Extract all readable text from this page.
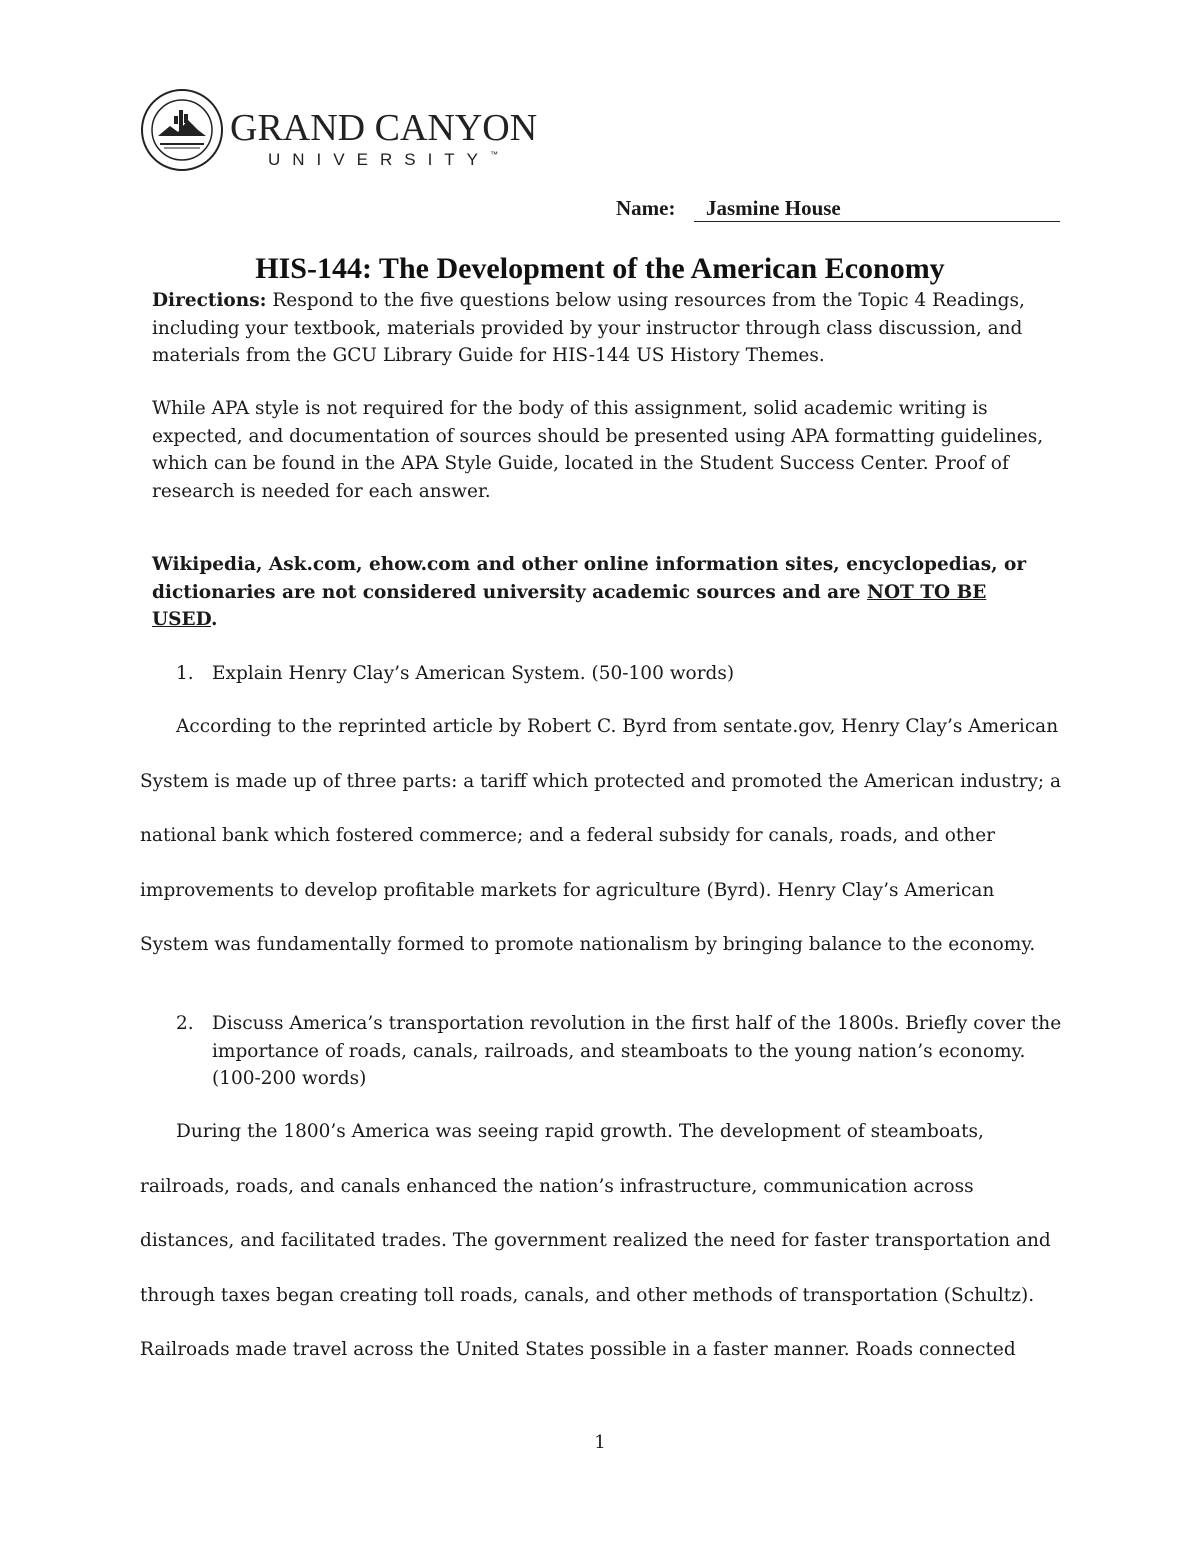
GRAND CANYON
UNIVERSITY™
Name:	Jasmine House
HIS-144: The Development of the American Economy
Directions: Respond to the five questions below using resources from the Topic 4 Readings, including your textbook, materials provided by your instructor through class discussion, and materials from the GCU Library Guide for HIS-144 US History Themes.
While APA style is not required for the body of this assignment, solid academic writing is expected, and documentation of sources should be presented using APA formatting guidelines, which can be found in the APA Style Guide, located in the Student Success Center. Proof of research is needed for each answer.
Wikipedia, Ask.com, ehow.com and other online information sites, encyclopedias, or dictionaries are not considered university academic sources and are NOT TO BE USED.
1. Explain Henry Clay’s American System. (50-100 words)
According to the reprinted article by Robert C. Byrd from sentate.gov, Henry Clay’s American System is made up of three parts: a tariff which protected and promoted the American industry; a national bank which fostered commerce; and a federal subsidy for canals, roads, and other improvements to develop profitable markets for agriculture (Byrd). Henry Clay’s American System was fundamentally formed to promote nationalism by bringing balance to the economy.
2. Discuss America’s transportation revolution in the first half of the 1800s. Briefly cover the importance of roads, canals, railroads, and steamboats to the young nation’s economy. (100-200 words)
During the 1800’s America was seeing rapid growth. The development of steamboats, railroads, roads, and canals enhanced the nation’s infrastructure, communication across distances, and facilitated trades. The government realized the need for faster transportation and through taxes began creating toll roads, canals, and other methods of transportation (Schultz). Railroads made travel across the United States possible in a faster manner. Roads connected
1
